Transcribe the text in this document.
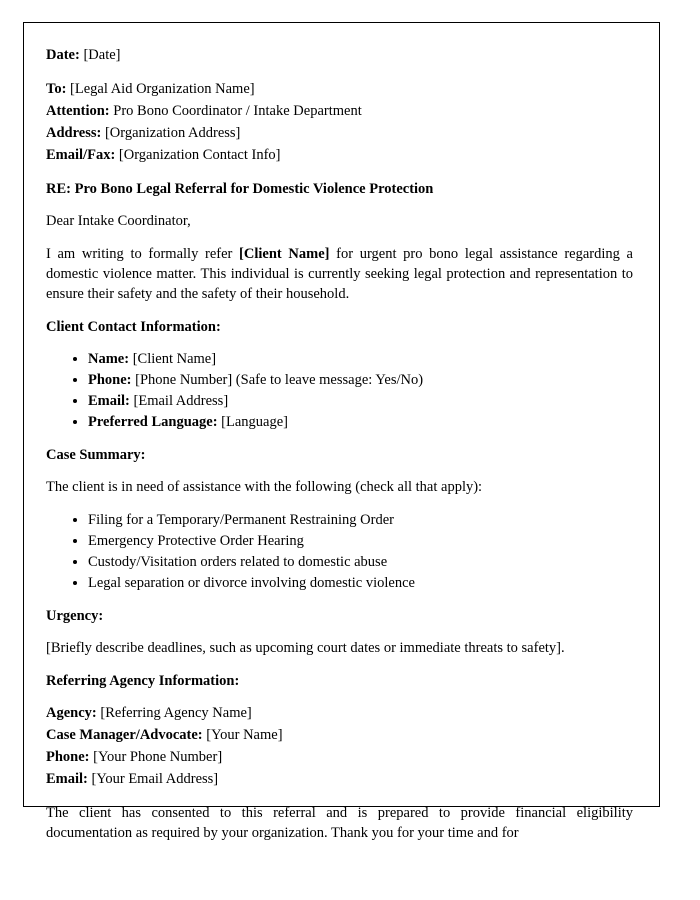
Date: [Date]

To: [Legal Aid Organization Name]
Attention: Pro Bono Coordinator / Intake Department
Address: [Organization Address]
Email/Fax: [Organization Contact Info]
RE: Pro Bono Legal Referral for Domestic Violence Protection

Dear Intake Coordinator,

I am writing to formally refer [Client Name] for urgent pro bono legal assistance regarding a domestic violence matter. This individual is currently seeking legal protection and representation to ensure their safety and the safety of their household.

Client Contact Information:
• Name: [Client Name]
• Phone: [Phone Number] (Safe to leave message: Yes/No)
• Email: [Email Address]
• Preferred Language: [Language]
Case Summary:

The client is in need of assistance with the following (check all that apply):

• Filing for a Temporary/Permanent Restraining Order
• Emergency Protective Order Hearing
• Custody/Visitation orders related to domestic abuse
• Legal separation or divorce involving domestic violence
Urgency:

[Briefly describe deadlines, such as upcoming court dates or immediate threats to safety].

Referring Agency Information:
Agency: [Referring Agency Name]
Case Manager/Advocate: [Your Name]
Phone: [Your Phone Number]
Email: [Your Email Address]

The client has consented to this referral and is prepared to provide financial eligibility documentation as required by your organization. Thank you for your time and for
